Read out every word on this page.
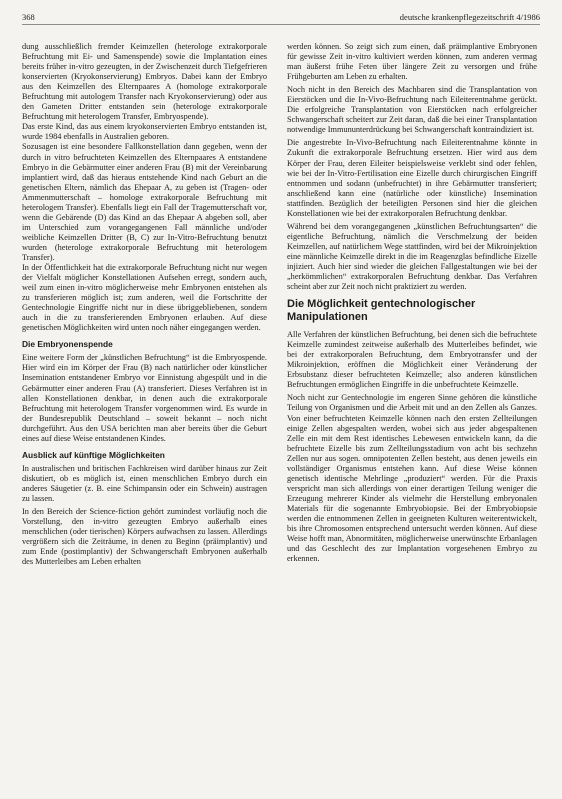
368	deutsche krankenpflegezeitschrift 4/1986

dung ausschließlich fremder Keimzellen (heterologe extrakorporale Befruchtung mit Ei- und Samenspende) sowie die Implantation eines bereits früher in-vitro gezeugten, in der Zwischenzeit durch Tiefgefrieren konservierten (Kryokonservierung) Embryos. Dabei kann der Embryo aus den Keimzellen des Elternpaares A (homologe extrakorporale Befruchtung mit autologem Transfer nach Kryokonservierung) oder aus den Gameten Dritter entstanden sein (heterologe extrakorporale Befruchtung mit heterologem Transfer, Embryospende).

Das erste Kind, das aus einem kryokonservierten Embryo entstanden ist, wurde 1984 ebenfalls in Australien geboren.

Sozusagen ist eine besondere Fallkonstellation dann gegeben, wenn der durch in vitro befruchteten Keimzellen des Elternpaares A entstandene Embryo in die Gebärmutter einer anderen Frau (B) mit der Vereinbarung implantiert wird, daß das hieraus entstehende Kind nach Geburt an die genetischen Eltern, nämlich das Ehepaar A, zu geben ist (Tragen- oder Ammenmutterschaft – homologe extrakorporale Befruchtung mit heterologem Transfer). Ebenfalls liegt ein Fall der Tragemutterschaft vor, wenn die Gebärende (D) das Kind an das Ehepaar A abgeben soll, aber im Unterschied zum vorangegangenen Fall männliche und/oder weibliche Keimzellen Dritter (B, C) zur In-Vitro-Befruchtung benutzt wurden (heterologe extrakorporale Befruchtung mit heterologem Transfer).

In der Öffentlichkeit hat die extrakorporale Befruchtung nicht nur wegen der Vielfalt möglicher Konstellationen Aufsehen erregt, sondern auch, weil zum einen in-vitro möglicherweise mehr Embryonen entstehen als zu transferieren möglich ist; zum anderen, weil die Fortschritte der Gentechnologie Eingriffe nicht nur in diese übriggebliebenen, sondern auch in die zu transferierenden Embryonen erlauben. Auf diese genetischen Möglichkeiten wird unten noch näher eingegangen werden.

Die Embryonenspende

Eine weitere Form der „künstlichen Befruchtung“ ist die Embryospende. Hier wird ein im Körper der Frau (B) nach natürlicher oder künstlicher Insemination entstandener Embryo vor Einnistung abgespült und in die Gebärmutter einer anderen Frau (A) transferiert. Dieses Verfahren ist in allen Konstellationen denkbar, in denen auch die extrakorporale Befruchtung mit heterologem Transfer vorgenommen wird. Es wurde in der Bundesrepublik Deutschland – soweit bekannt – noch nicht durchgeführt. Aus den USA berichten man aber bereits über die Geburt eines auf diese Weise entstandenen Kindes.

Ausblick auf künftige Möglichkeiten

In australischen und britischen Fachkreisen wird darüber hinaus zur Zeit diskutiert, ob es möglich ist, einen menschlichen Embryo durch ein anderes Säugetier (z. B. eine Schimpansin oder ein Schwein) austragen zu lassen.

In den Bereich der Science-fiction gehört zumindest vorläufig noch die Vorstellung, den in-vitro gezeugten Embryo außerhalb eines menschlichen (oder tierischen) Körpers aufwachsen zu lassen. Allerdings vergrößern sich die Zeiträume, in denen zu Beginn (präimplantiv) und zum Ende (postimplantiv) der Schwangerschaft Embryonen außerhalb des Mutterleibes am Leben erhalten

werden können. So zeigt sich zum einen, daß präimplantive Embryonen für gewisse Zeit in-vitro kultiviert werden können, zum anderen vermag man äußerst frühe Feten über längere Zeit zu versorgen und frühe Frühgeburten am Leben zu erhalten.

Noch nicht in den Bereich des Machbaren sind die Transplantation von Eierstöcken und die In-Vivo-Befruchtung nach Eileiterentnahme gerückt. Die erfolgreiche Transplantation von Eierstöcken nach erfolgreicher Schwangerschaft scheitert zur Zeit daran, daß die bei einer Transplantation notwendige Immununterdrückung bei Schwangerschaft kontraindiziert ist.

Die angestrebte In-Vivo-Befruchtung nach Eileiterentnahme könnte in Zukunft die extrakorporale Befruchtung ersetzen. Hier wird aus dem Körper der Frau, deren Eileiter beispielsweise verklebt sind oder fehlen, wie bei der In-Vitro-Fertilisation eine Eizelle durch chirurgischen Eingriff entnommen und sodann (unbefruchtet) in ihre Gebärmutter transferiert; anschließend kann eine (natürliche oder künstliche) Insemination stattfinden. Bezüglich der beteiligten Personen sind hier die gleichen Konstellationen wie bei der extrakorporalen Befruchtung denkbar.

Während bei dem vorangegangenen „künstlichen Befruchtungsarten“ die eigentliche Befruchtung, nämlich die Verschmelzung der beiden Keimzellen, auf natürlichem Wege stattfinden, wird bei der Mikroinjektion eine männliche Keimzelle direkt in die im Reagenzglas befindliche Eizelle injiziert. Auch hier sind wieder die gleichen Fallgestaltungen wie bei der „herkömmlichen“ extrakorporalen Befruchtung denkbar. Das Verfahren scheint aber zur Zeit noch nicht praktiziert zu werden.

Die Möglichkeit gentechnologischer Manipulationen

Alle Verfahren der künstlichen Befruchtung, bei denen sich die befruchtete Keimzelle zumindest zeitweise außerhalb des Mutterleibes befindet, wie bei der extrakorporalen Befruchtung, dem Embryotransfer und der Mikroinjektion, eröffnen die Möglichkeit einer Veränderung der Erbsubstanz dieser befruchteten Keimzelle; also anderen künstlichen Befruchtungen ermöglichen Eingriffe in die unbefruchtete Keimzelle.

Noch nicht zur Gentechnologie im engeren Sinne gehören die künstliche Teilung von Organismen und die Arbeit mit und an den Zellen als Ganzes. Von einer befruchteten Keimzelle können nach den ersten Zellteilungen einige Zellen abgespalten werden, wobei sich aus jeder abgespaltenen Zelle ein mit dem Rest identisches Lebewesen entwickeln kann, da die befruchtete Eizelle bis zum Zellteilungsstadium von acht bis sechzehn Zellen nur aus sogen. omnipotenten Zellen besteht, aus denen jeweils ein vollständiger Organismus entstehen kann. Auf diese Weise können genetisch identische Mehrlinge „produziert“ werden. Für die Praxis verspricht man sich allerdings von einer derartigen Teilung weniger die Erzeugung mehrerer Kinder als vielmehr die Herstellung embryonalen Materials für die sogenannte Embryobiopsie. Bei der Embryobiopsie werden die entnommenen Zellen in geeigneten Kulturen weiterentwickelt, bis ihre Chromosomen entsprechend untersucht werden können. Auf diese Weise hofft man, Abnormitäten, möglicherweise unerwünschte Erbanlagen und das Geschlecht des zur Implantation vorgesehenen Embryo zu erkennen.
